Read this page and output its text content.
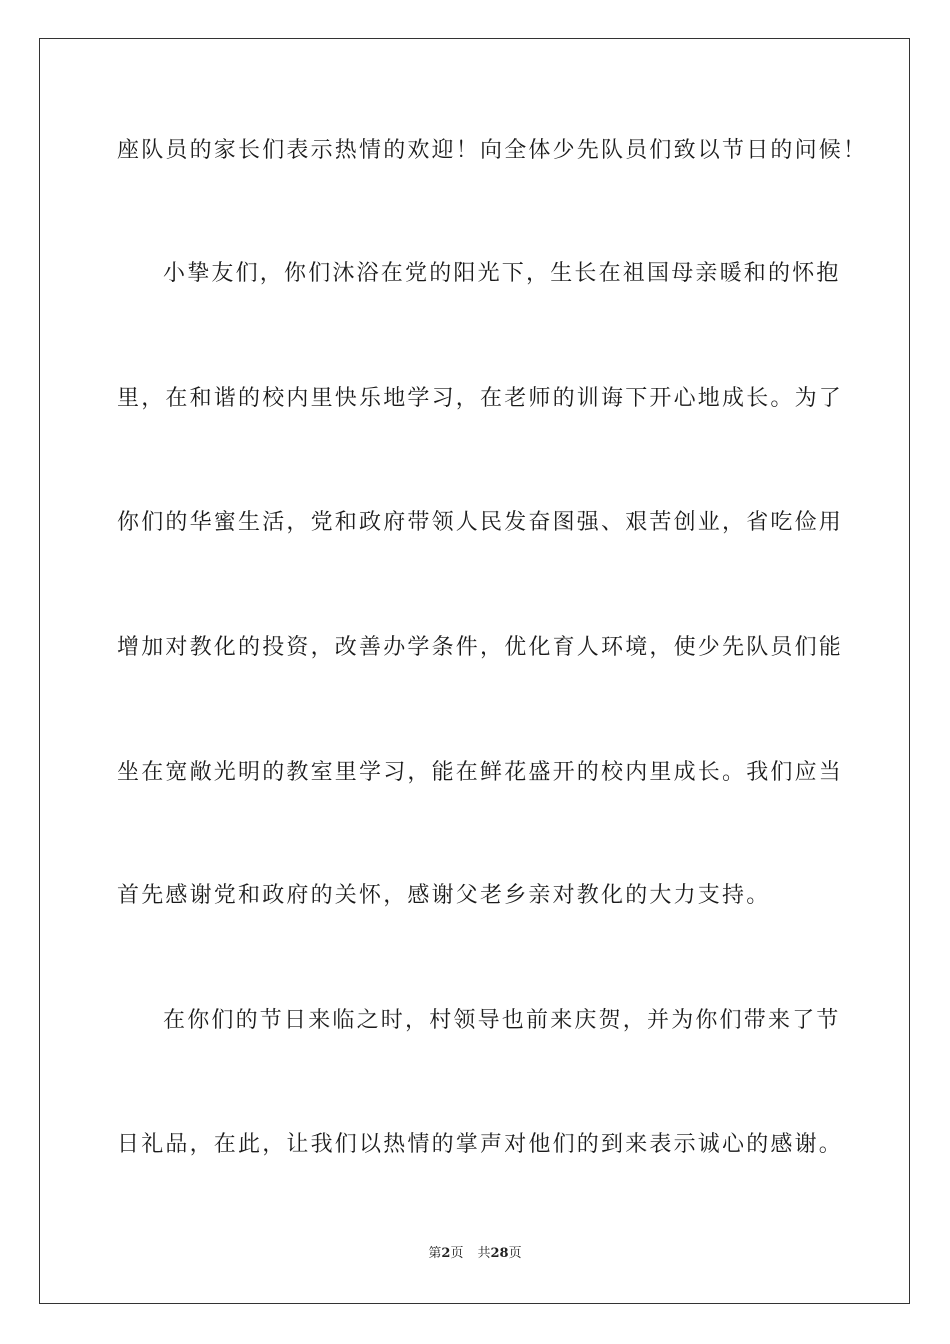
座队员的家长们表示热情的欢迎！向全体少先队员们致以节日的问候！
小挚友们，你们沐浴在党的阳光下，生长在祖国母亲暖和的怀抱
里，在和谐的校内里快乐地学习，在老师的训诲下开心地成长。为了
你们的华蜜生活，党和政府带领人民发奋图强、艰苦创业，省吃俭用
增加对教化的投资，改善办学条件，优化育人环境，使少先队员们能
坐在宽敞光明的教室里学习，能在鲜花盛开的校内里成长。我们应当
首先感谢党和政府的关怀，感谢父老乡亲对教化的大力支持。
在你们的节日来临之时，村领导也前来庆贺，并为你们带来了节
日礼品，在此，让我们以热情的掌声对他们的到来表示诚心的感谢。
第2页 共28页
